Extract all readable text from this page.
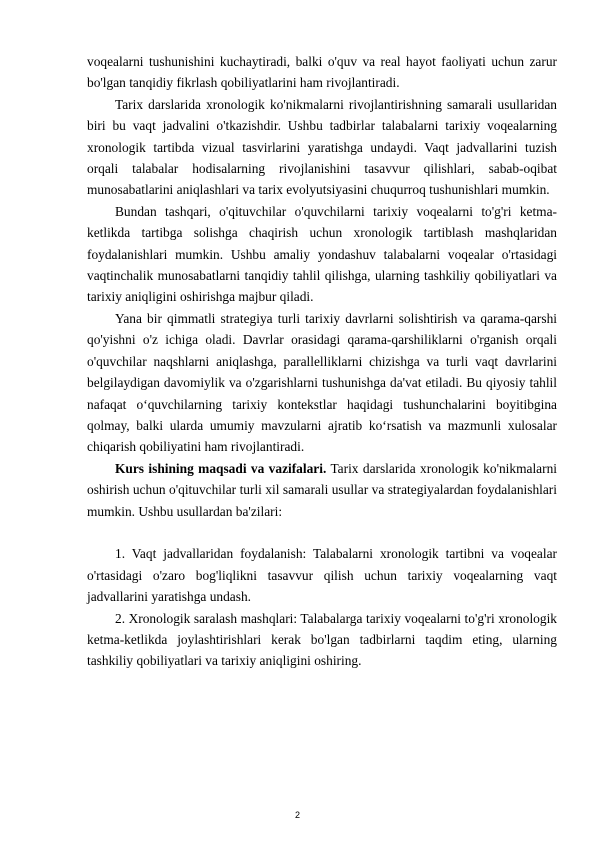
voqealarni tushunishini kuchaytiradi, balki o'quv va real hayot faoliyati uchun zarur bo'lgan tanqidiy fikrlash qobiliyatlarini ham rivojlantiradi.

Tarix darslarida xronologik ko'nikmalarni rivojlantirishning samarali usullaridan biri bu vaqt jadvalini o'tkazishdir. Ushbu tadbirlar talabalarni tarixiy voqealarning xronologik tartibda vizual tasvirlarini yaratishga undaydi. Vaqt jadvallarini tuzish orqali talabalar hodisalarning rivojlanishini tasavvur qilishlari, sabab-oqibat munosabatlarini aniqlashlari va tarix evolyutsiyasini chuqurroq tushunishlari mumkin.

Bundan tashqari, o'qituvchilar o'quvchilarni tarixiy voqealarni to'g'ri ketma-ketlikda tartibga solishga chaqirish uchun xronologik tartiblash mashqlaridan foydalanishlari mumkin. Ushbu amaliy yondashuv talabalarni voqealar o'rtasidagi vaqtinchalik munosabatlarni tanqidiy tahlil qilishga, ularning tashkiliy qobiliyatlari va tarixiy aniqligini oshirishga majbur qiladi.

Yana bir qimmatli strategiya turli tarixiy davrlarni solishtirish va qarama-qarshi qo'yishni o'z ichiga oladi. Davrlar orasidagi qarama-qarshiliklarni o'rganish orqali o'quvchilar naqshlarni aniqlashga, parallelliklarni chizishga va turli vaqt davrlarini belgilaydigan davomiylik va o'zgarishlarni tushunishga da'vat etiladi. Bu qiyosiy tahlil nafaqat o‘quvchilarning tarixiy kontekstlar haqidagi tushunchalarini boyitibgina qolmay, balki ularda umumiy mavzularni ajratib ko‘rsatish va mazmunli xulosalar chiqarish qobiliyatini ham rivojlantiradi.

Kurs ishining maqsadi va vazifalari. Tarix darslarida xronologik ko'nikmalarni oshirish uchun o'qituvchilar turli xil samarali usullar va strategiyalardan foydalanishlari mumkin. Ushbu usullardan ba'zilari:

1. Vaqt jadvallaridan foydalanish: Talabalarni xronologik tartibni va voqealar o'rtasidagi o'zaro bog'liqlikni tasavvur qilish uchun tarixiy voqealarning vaqt jadvallarini yaratishga undash.

2. Xronologik saralash mashqlari: Talabalarga tarixiy voqealarni to'g'ri xronologik ketma-ketlikda joylashtirishlari kerak bo'lgan tadbirlarni taqdim eting, ularning tashkiliy qobiliyatlari va tarixiy aniqligini oshiring.

2
